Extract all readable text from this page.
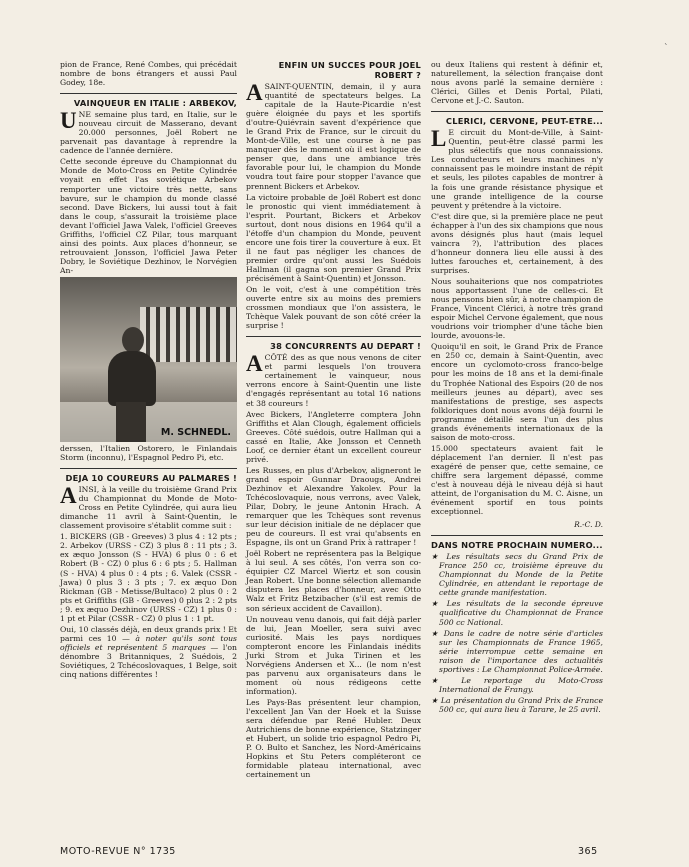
`

pion de France, René Combes, qui précédait nombre de bons étrangers et aussi Paul Godey, 18e.

VAINQUEUR EN ITALIE : ARBEKOV,

UNE semaine plus tard, en Italie, sur le nouveau circuit de Masserano, devant 20.000 personnes, Joël Robert ne parvenait pas davantage à reprendre la cadence de l'année dernière.

Cette seconde épreuve du Championnat du Monde de Moto-Cross en Petite Cylindrée voyait en effet l'as soviétique Arbekov remporter une victoire très nette, sans bavure, sur le champion du monde classé second. Dave Bickers, lui aussi tout à fait dans le coup, s'assurait la troisième place devant l'officiel Jawa Valek, l'officiel Greeves Griffiths, l'officiel CZ Pilar, tous marquant ainsi des points. Aux places d'honneur, se retrouvaient Jonsson, l'officiel Jawa Peter Dobry, le Soviétique Dezhinov, le Norvégien An-

M. SCHNEDL.

derssen, l'Italien Ostorero, le Finlandais Storm (inconnu), l'Espagnol Pedro Pi, etc.

DEJA 10 COUREURS AU PALMARES !

AINSI, à la veille du troisième Grand Prix du Championnat du Monde de Moto-Cross en Petite Cylindrée, qui aura lieu dimanche 11 avril à Saint-Quentin, le classement provisoire s'établit comme suit :

1. BICKERS (GB - Greeves) 3 plus 4 : 12 pts ; 2. Arbekov (URSS - CZ) 3 plus 8 : 11 pts ; 3. ex æquo Jonsson (S - HVA) 6 plus 0 : 6 et Robert (B - CZ) 0 plus 6 : 6 pts ; 5. Hallman (S - HVA) 4 plus 0 : 4 pts ; 6. Valek (CSSR - Jawa) 0 plus 3 : 3 pts ; 7. ex æquo Don Rickman (GB - Metisse/Bultaco) 2 plus 0 : 2 pts et Griffiths (GB - Greeves) 0 plus 2 : 2 pts ; 9. ex æquo Dezhinov (URSS - CZ) 1 plus 0 : 1 pt et Pilar (CSSR - CZ) 0 plus 1 : 1 pt.

Oui, 10 classés déjà, en deux grands prix ! Et parmi ces 10 — à noter qu'ils sont tous officiels et représentent 5 marques — l'on dénombre 3 Britanniques, 2 Suédois, 2 Soviétiques, 2 Tchécoslovaques, 1 Belge, soit cinq nations différentes !

ENFIN UN SUCCES POUR JOEL ROBERT ?

ASAINT-QUENTIN, demain, il y aura quantité de spectateurs belges. La capitale de la Haute-Picardie n'est guère éloignée du pays et les sportifs d'outre-Quiévrain savent d'expérience que le Grand Prix de France, sur le circuit du Mont-de-Ville, est une course à ne pas manquer dès le moment où il est logique de penser que, dans une ambiance très favorable pour lui, le champion du Monde voudra tout faire pour stopper l'avance que prennent Bickers et Arbekov.

La victoire probable de Joël Robert est donc le pronostic qui vient immédiatement à l'esprit. Pourtant, Bickers et Arbekov surtout, dont nous disions en 1964 qu'il a l'étoffe d'un champion du Monde, peuvent encore une fois tirer la couverture à eux. Et il ne faut pas négliger les chances de premier ordre qu'ont aussi les Suédois Hallman (il gagna son premier Grand Prix précisément à Saint-Quentin) et Jonsson.

On le voit, c'est à une compétition très ouverte entre six au moins des premiers crossmen mondiaux que l'on assistera, le Tchèque Valek pouvant de son côté créer la surprise !

38 CONCURRENTS AU DEPART !

ACÔTÉ des as que nous venons de citer et parmi lesquels l'on trouvera certainement le vainqueur, nous verrons encore à Saint-Quentin une liste d'engagés représentant au total 16 nations et 38 coureurs !

Avec Bickers, l'Angleterre comptera John Griffiths et Alan Clough, également officiels Greeves. Côté suédois, outre Hallman qui a cassé en Italie, Ake Jonsson et Cenneth Loof, ce dernier étant un excellent coureur privé.

Les Russes, en plus d'Arbekov, aligneront le grand espoir Gunnar Draougs, Andrei Dezhinov et Alexandre Yakolev. Pour la Tchécoslovaquie, nous verrons, avec Valek, Pilar, Dobry, le jeune Antonin Hrach. A remarquer que les Tchèques sont revenus sur leur décision initiale de ne déplacer que peu de coureurs. Il est vrai qu'absents en Espagne, ils ont un Grand Prix à rattraper !

Joël Robert ne représentera pas la Belgique à lui seul. A ses côtés, l'on verra son co-équipier CZ Marcel Wiertz et son cousin Jean Robert. Une bonne sélection allemande disputera les places d'honneur, avec Otto Walz et Fritz Betzibacher (s'il est remis de son sérieux accident de Cavaillon).

Un nouveau venu danois, qui fait déjà parler de lui, Jean Moeller, sera suivi avec curiosité. Mais les pays nordiques compteront encore les Finlandais inédits Jurki Strom et Juka Tirinen et les Norvégiens Andersen et X... (le nom n'est pas parvenu aux organisateurs dans le moment où nous rédigeons cette information).

Les Pays-Bas présentent leur champion, l'excellent Jan Van der Hoek et la Suisse sera défendue par René Hubler. Deux Autrichiens de bonne expérience, Statzinger et Hubert, un solide trio espagnol Pedro Pi, P. O. Bulto et Sanchez, les Nord-Américains Hopkins et Stu Peters compléteront ce formidable plateau international, avec certainement un

ou deux Italiens qui restent à définir et, naturellement, la sélection française dont nous avons parlé la semaine dernière : Clérici, Gilles et Denis Portal, Pilati, Cervone et J.-C. Sauton.

CLERICI, CERVONE, PEUT-ETRE...

L E circuit du Mont-de-Ville, à Saint-Quentin, peut-être classé parmi les plus sélectifs que nous connaissions. Les conducteurs et leurs machines n'y connaissent pas le moindre instant de répit et seuls, les pilotes capables de montrer à la fois une grande résistance physique et une grande intelligence de la course peuvent y prétendre à la victoire.

C'est dire que, si la première place ne peut échapper à l'un des six champions que nous avons désignés plus haut (mais lequel vaincra ?), l'attribution des places d'honneur donnera lieu elle aussi à des luttes farouches et, certainement, à des surprises.

Nous souhaiterions que nos compatriotes nous apportassent l'une de celles-ci. Et nous pensons bien sûr, à notre champion de France, Vincent Clérici, à notre très grand espoir Michel Cervone également, que nous voudrions voir triompher d'une tâche bien lourde, avouons-le.

Quoiqu'il en soit, le Grand Prix de France en 250 cc, demain à Saint-Quentin, avec encore un cyclomoto-cross franco-belge pour les moins de 18 ans et la demi-finale du Trophée National des Espoirs (20 de nos meilleurs jeunes au départ), avec ses manifestations de prestige, ses aspects folkloriques dont nous avons déjà fourni le programme détaillé sera l'un des plus grands événements internationaux de la saison de moto-cross.

15.000 spectateurs avaient fait le déplacement l'an dernier. Il n'est pas exagéré de penser que, cette semaine, ce chiffre sera largement dépassé, comme c'est à nouveau déjà le niveau déjà si haut atteint, de l'organisation du M. C. Aisne, un événement sportif en tous points exceptionnel.

R.-C. D.
DANS NOTRE PROCHAIN NUMERO...

★ Les résultats secs du Grand Prix de France 250 cc, troisième épreuve du Championnat du Monde de la Petite Cylindrée, en attendant le reportage de cette grande manifestation.

★ Les résultats de la seconde épreuve qualificative du Championnat de France 500 cc National.

★ Dans le cadre de notre série d'articles sur les Championnats de France 1965, série interrompue cette semaine en raison de l'importance des actualités sportives : Le Championnat Police-Armée.

★ Le reportage du Moto-Cross International de Frangy.

★ La présentation du Grand Prix de France 500 cc, qui aura lieu à Tarare, le 25 avril.

MOTO-REVUE N° 1735	365
